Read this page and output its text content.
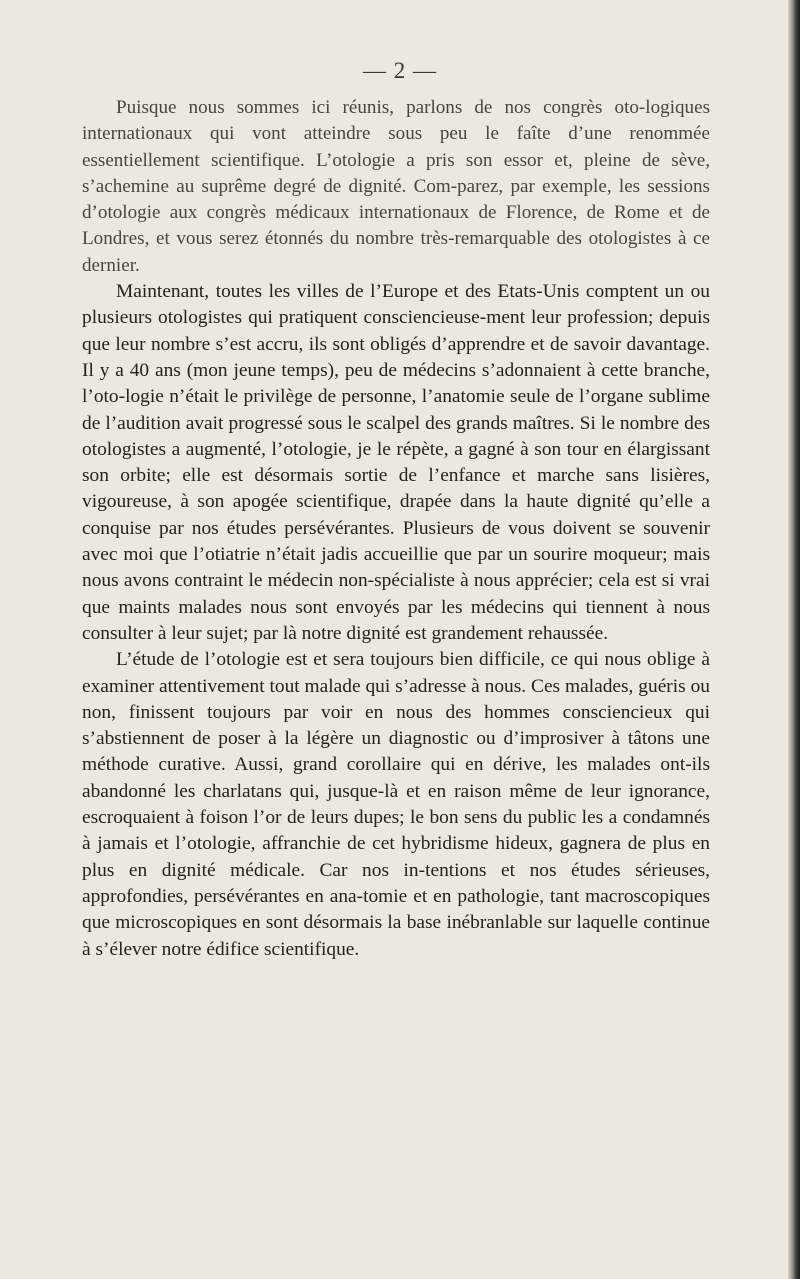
— 2 —

Puisque nous sommes ici réunis, parlons de nos congrès oto-logiques internationaux qui vont atteindre sous peu le faîte d’une renommée essentiellement scientifique. L’otologie a pris son essor et, pleine de sève, s’achemine au suprême degré de dignité. Com-parez, par exemple, les sessions d’otologie aux congrès médicaux internationaux de Florence, de Rome et de Londres, et vous serez étonnés du nombre très-remarquable des otologistes à ce dernier.

Maintenant, toutes les villes de l’Europe et des Etats-Unis comptent un ou plusieurs otologistes qui pratiquent consciencieuse-ment leur profession; depuis que leur nombre s’est accru, ils sont obligés d’apprendre et de savoir davantage. Il y a 40 ans (mon jeune temps), peu de médecins s’adonnaient à cette branche, l’oto-logie n’était le privilège de personne, l’anatomie seule de l’organe sublime de l’audition avait progressé sous le scalpel des grands maîtres. Si le nombre des otologistes a augmenté, l’otologie, je le répète, a gagné à son tour en élargissant son orbite; elle est désormais sortie de l’enfance et marche sans lisières, vigoureuse, à son apogée scientifique, drapée dans la haute dignité qu’elle a conquise par nos études persévérantes. Plusieurs de vous doivent se souvenir avec moi que l’otiatrie n’était jadis accueillie que par un sourire moqueur; mais nous avons contraint le médecin non-spécialiste à nous apprécier; cela est si vrai que maints malades nous sont envoyés par les médecins qui tiennent à nous consulter à leur sujet; par là notre dignité est grandement rehaussée.

L’étude de l’otologie est et sera toujours bien difficile, ce qui nous oblige à examiner attentivement tout malade qui s’adresse à nous. Ces malades, guéris ou non, finissent toujours par voir en nous des hommes consciencieux qui s’abstiennent de poser à la légère un diagnostic ou d’improsiver à tâtons une méthode curative. Aussi, grand corollaire qui en dérive, les malades ont-ils abandonné les charlatans qui, jusque-là et en raison même de leur ignorance, escroquaient à foison l’or de leurs dupes; le bon sens du public les a condamnés à jamais et l’otologie, affranchie de cet hybridisme hideux, gagnera de plus en plus en dignité médicale. Car nos in-tentions et nos études sérieuses, approfondies, persévérantes en ana-tomie et en pathologie, tant macroscopiques que microscopiques en sont désormais la base inébranlable sur laquelle continue à s’élever notre édifice scientifique.
